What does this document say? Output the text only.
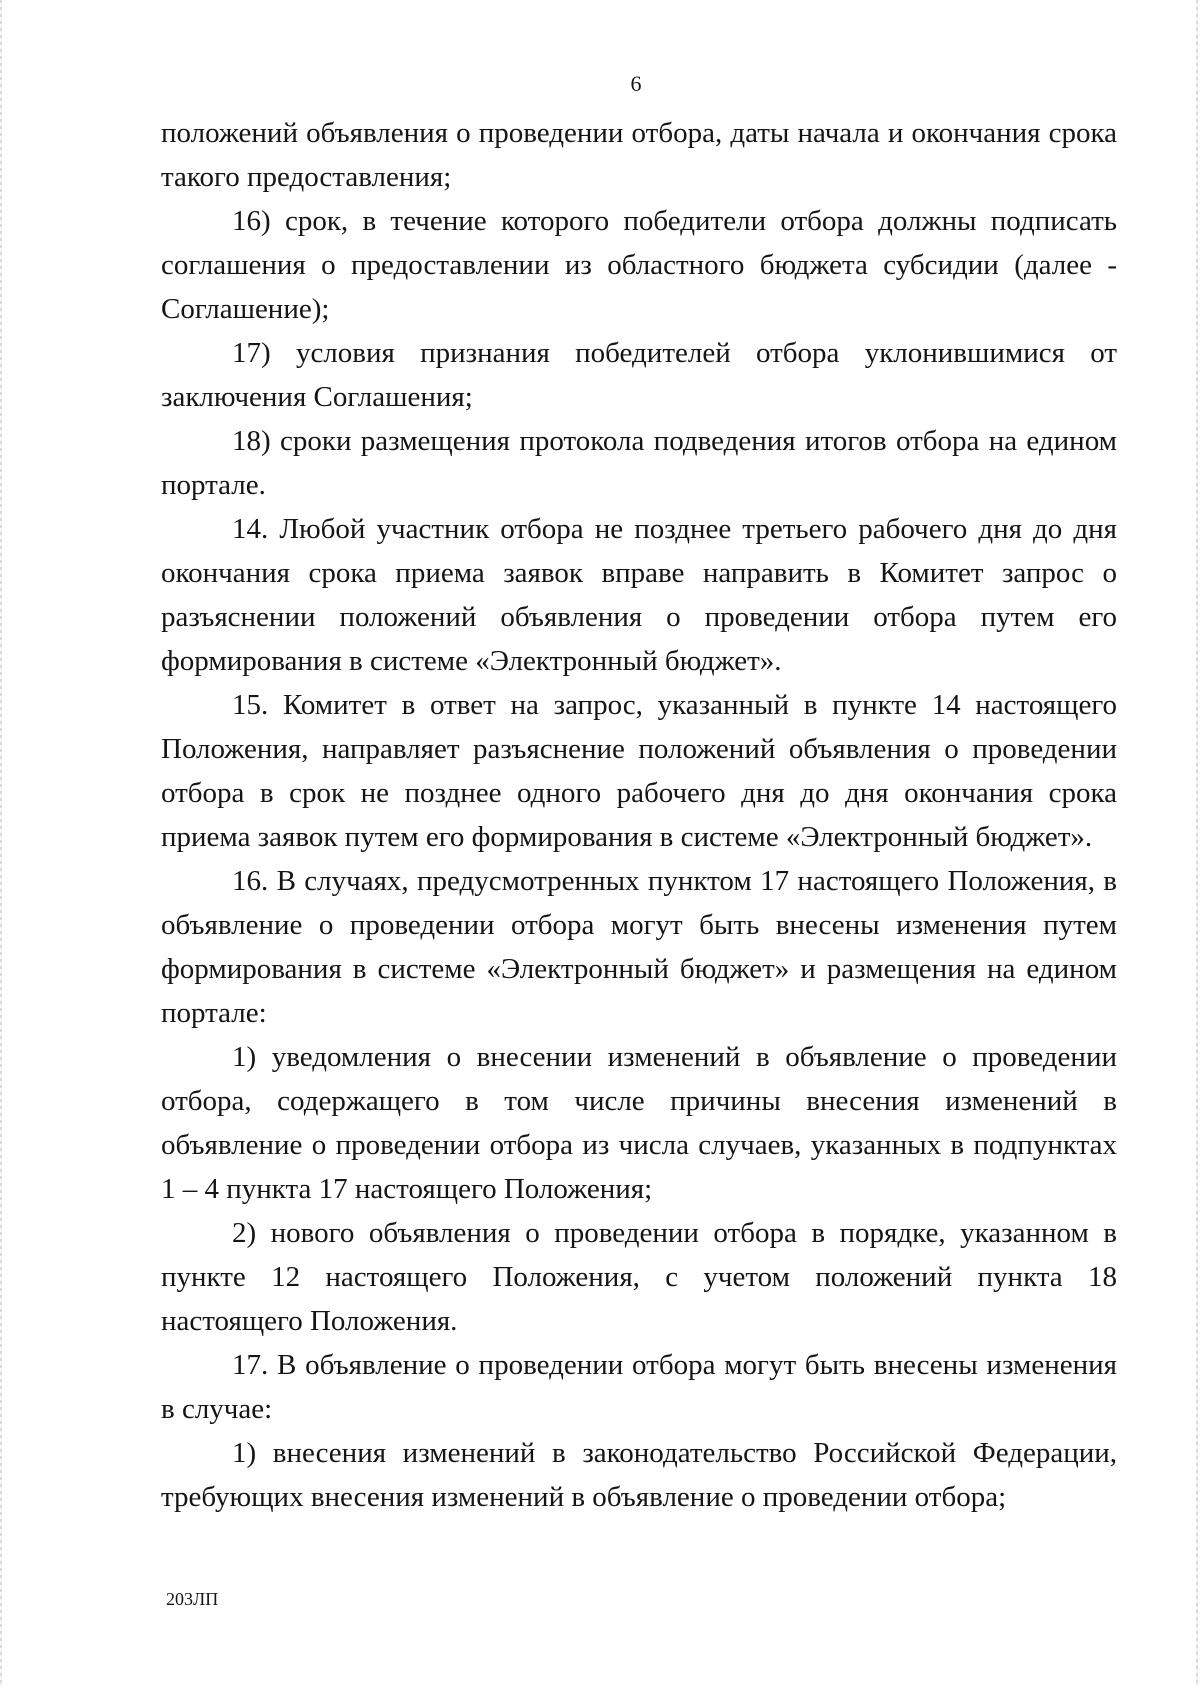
6

положений объявления о проведении отбора, даты начала и окончания срока такого предоставления;

16) срок, в течение которого победители отбора должны подписать соглашения о предоставлении из областного бюджета субсидии (далее - Соглашение);

17) условия признания победителей отбора уклонившимися от заключения Соглашения;

18) сроки размещения протокола подведения итогов отбора на едином портале.

14. Любой участник отбора не позднее третьего рабочего дня до дня окончания срока приема заявок вправе направить в Комитет запрос о разъяснении положений объявления о проведении отбора путем его формирования в системе «Электронный бюджет».

15. Комитет в ответ на запрос, указанный в пункте 14 настоящего Положения, направляет разъяснение положений объявления о проведении отбора в срок не позднее одного рабочего дня до дня окончания срока приема заявок путем его формирования в системе «Электронный бюджет».

16. В случаях, предусмотренных пунктом 17 настоящего Положения, в объявление о проведении отбора могут быть внесены изменения путем формирования в системе «Электронный бюджет» и размещения на едином портале:

1) уведомления о внесении изменений в объявление о проведении отбора, содержащего в том числе причины внесения изменений в объявление о проведении отбора из числа случаев, указанных в подпунктах 1 – 4 пункта 17 настоящего Положения;

2) нового объявления о проведении отбора в порядке, указанном в пункте 12 настоящего Положения, с учетом положений пункта 18 настоящего Положения.

17. В объявление о проведении отбора могут быть внесены изменения в случае:

1) внесения изменений в законодательство Российской Федерации, требующих внесения изменений в объявление о проведении отбора;

203ЛП
